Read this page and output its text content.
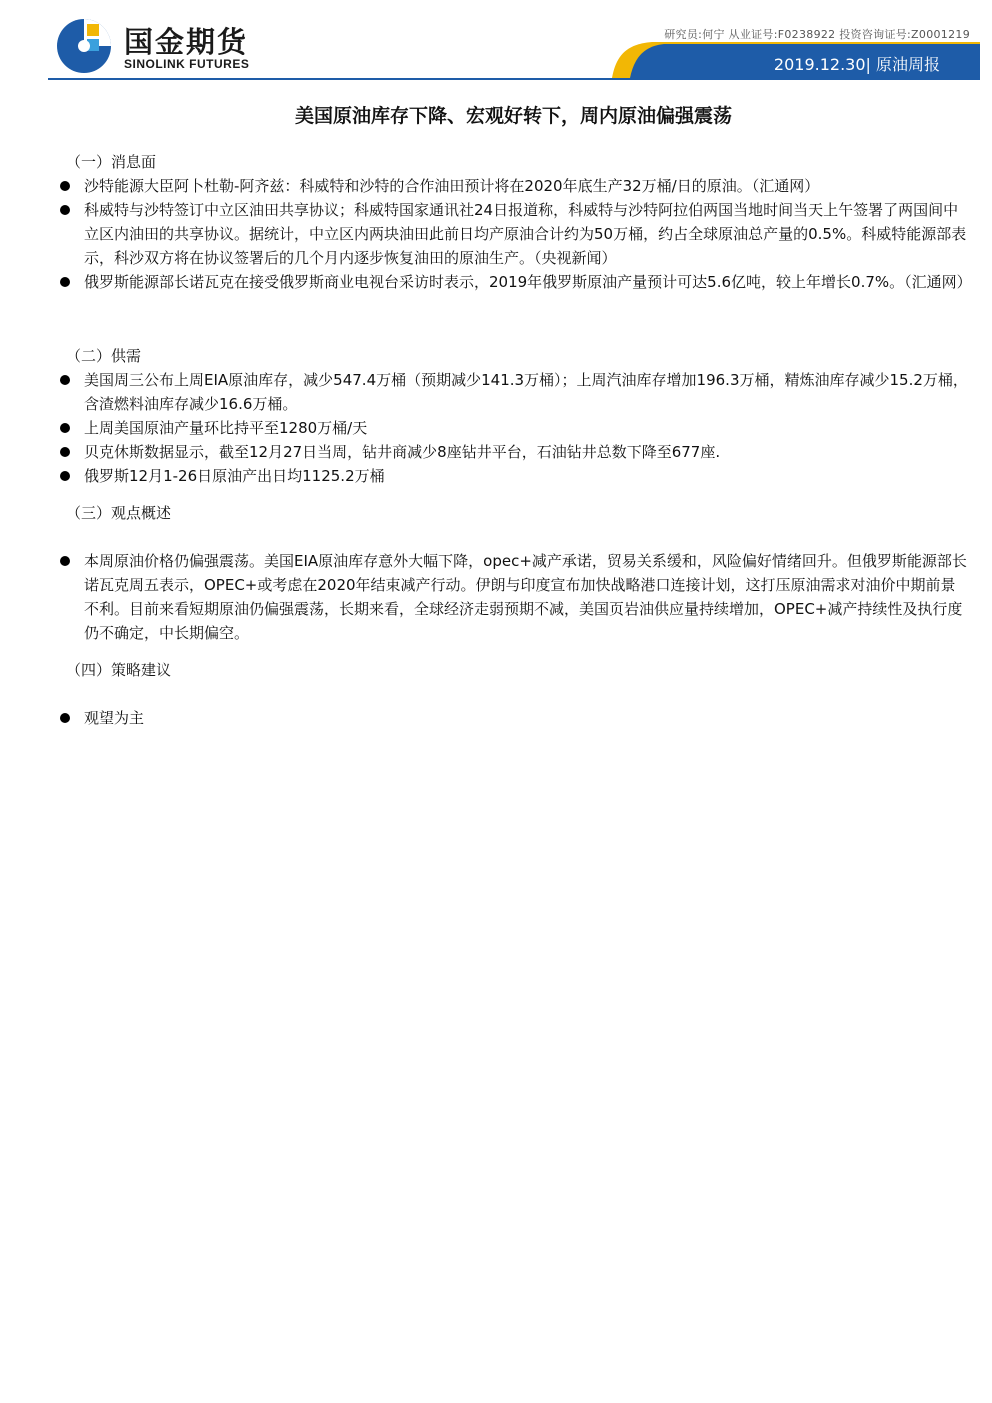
国金期货
SINOLINK FUTURES
研究员:何宁 从业证号:F0238922 投资咨询证号:Z0001219
2019.12.30| 原油周报
美国原油库存下降、宏观好转下，周内原油偏强震荡
（一）消息面
沙特能源大臣阿卜杜勒-阿齐兹：科威特和沙特的合作油田预计将在2020年底生产32万桶/日的原油。（汇通网）
科威特与沙特签订中立区油田共享协议；科威特国家通讯社24日报道称，科威特与沙特阿拉伯两国当地时间当天上午签署了两国间中立区内油田的共享协议。据统计，中立区内两块油田此前日均产原油合计约为50万桶，约占全球原油总产量的0.5%。科威特能源部表示，科沙双方将在协议签署后的几个月内逐步恢复油田的原油生产。（央视新闻）
俄罗斯能源部长诺瓦克在接受俄罗斯商业电视台采访时表示，2019年俄罗斯原油产量预计可达5.6亿吨，较上年增长0.7%。（汇通网）
（二）供需
美国周三公布上周EIA原油库存，减少547.4万桶（预期减少141.3万桶）；上周汽油库存增加196.3万桶，精炼油库存减少15.2万桶，含渣燃料油库存减少16.6万桶。
上周美国原油产量环比持平至1280万桶/天
贝克休斯数据显示，截至12月27日当周，钻井商减少8座钻井平台，石油钻井总数下降至677座.
俄罗斯12月1-26日原油产出日均1125.2万桶
（三）观点概述
本周原油价格仍偏强震荡。美国EIA原油库存意外大幅下降，opec+减产承诺，贸易关系缓和，风险偏好情绪回升。但俄罗斯能源部长诺瓦克周五表示，OPEC+或考虑在2020年结束减产行动。伊朗与印度宣布加快战略港口连接计划，这打压原油需求对油价中期前景不利。目前来看短期原油仍偏强震荡，长期来看，全球经济走弱预期不减，美国页岩油供应量持续增加，OPEC+减产持续性及执行度仍不确定，中长期偏空。
（四）策略建议
观望为主
